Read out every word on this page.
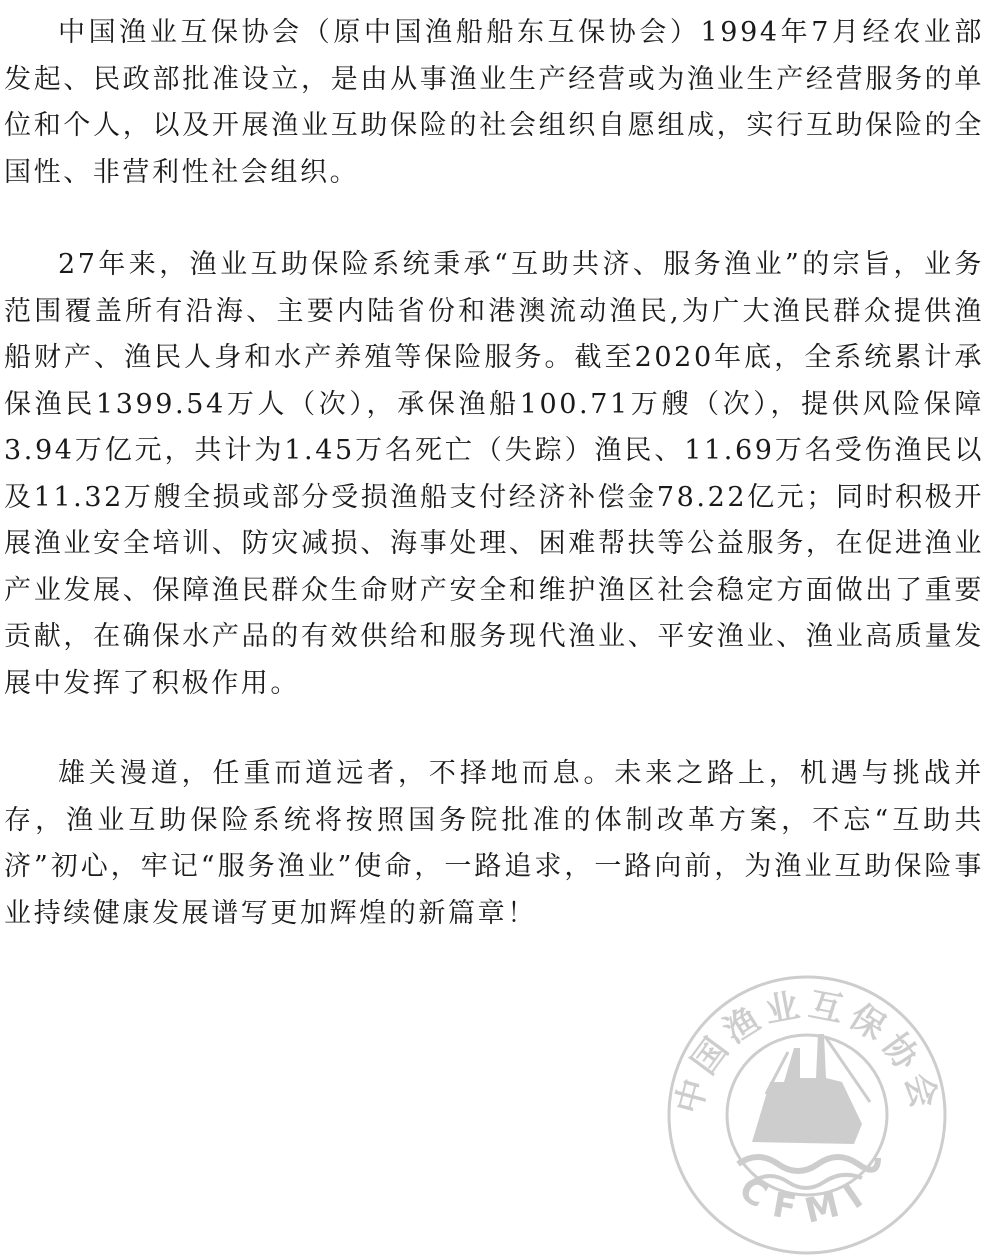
中国渔业互保协会（原中国渔船船东互保协会）1994年7月经农业部发起、民政部批准设立，是由从事渔业生产经营或为渔业生产经营服务的单位和个人，以及开展渔业互助保险的社会组织自愿组成，实行互助保险的全国性、非营利性社会组织。

27年来，渔业互助保险系统秉承“互助共济、服务渔业”的宗旨，业务范围覆盖所有沿海、主要内陆省份和港澳流动渔民,为广大渔民群众提供渔船财产、渔民人身和水产养殖等保险服务。截至2020年底，全系统累计承保渔民1399.54万人（次），承保渔船100.71万艘（次），提供风险保障3.94万亿元，共计为1.45万名死亡（失踪）渔民、11.69万名受伤渔民以及11.32万艘全损或部分受损渔船支付经济补偿金78.22亿元；同时积极开展渔业安全培训、防灾减损、海事处理、困难帮扶等公益服务，在促进渔业产业发展、保障渔民群众生命财产安全和维护渔区社会稳定方面做出了重要贡献，在确保水产品的有效供给和服务现代渔业、平安渔业、渔业高质量发展中发挥了积极作用。

雄关漫道，任重而道远者，不择地而息。未来之路上，机遇与挑战并存，渔业互助保险系统将按照国务院批准的体制改革方案，不忘“互助共济”初心，牢记“服务渔业”使命，一路追求，一路向前，为渔业互助保险事业持续健康发展谱写更加辉煌的新篇章！

中国渔业互保协会
CFMI
